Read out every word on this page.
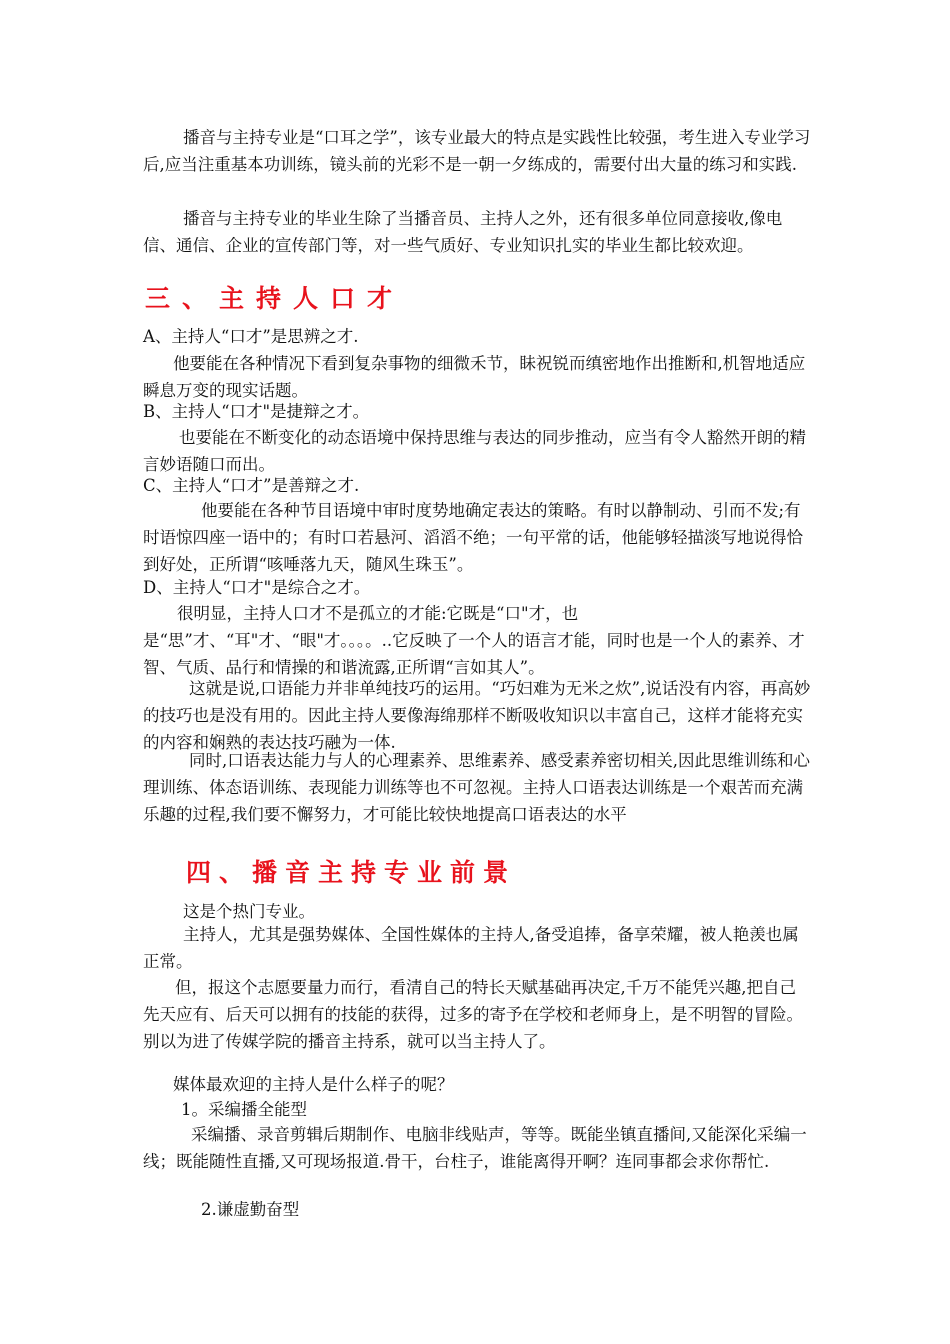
播音与主持专业是“口耳之学”，该专业最大的特点是实践性比较强，考生进入专业学习后,应当注重基本功训练，镜头前的光彩不是一朝一夕练成的，需要付出大量的练习和实践.

播音与主持专业的毕业生除了当播音员、主持人之外，还有很多单位同意接收,像电信、通信、企业的宣传部门等，对一些气质好、专业知识扎实的毕业生都比较欢迎。

三、主持人口才

A、主持人“口才”是思辨之才.

他要能在各种情况下看到复杂事物的细微禾节，眛祝锐而缜密地作出推断和,机智地适应瞬息万变的现实话题。

B、主持人“口才"是捷辩之才。

也要能在不断变化的动态语境中保持思维与表达的同步推动，应当有令人豁然开朗的精言妙语随口而出。

C、主持人“口才”是善辩之才.

他要能在各种节目语境中审时度势地确定表达的策略。有时以静制动、引而不发;有时语惊四座一语中的；有时口若悬河、滔滔不绝；一句平常的话，他能够轻描淡写地说得恰到好处，正所谓“咳唾落九天，随风生珠玉”。

D、主持人“口才"是综合之才。

很明显，主持人口才不是孤立的才能:它既是“口"才，也是“思”才、“耳"才、“眼"才。。。。..它反映了一个人的语言才能，同时也是一个人的素养、才智、气质、品行和情操的和谐流露,正所谓“言如其人”。

这就是说,口语能力并非单纯技巧的运用。“巧妇难为无米之炊”,说话没有内容，再高妙的技巧也是没有用的。因此主持人要像海绵那样不断吸收知识以丰富自己，这样才能将充实的内容和娴熟的表达技巧融为一体.

同时,口语表达能力与人的心理素养、思维素养、感受素养密切相关,因此思维训练和心理训练、体态语训练、表现能力训练等也不可忽视。主持人口语表达训练是一个艰苦而充满乐趣的过程,我们要不懈努力，才可能比较快地提高口语表达的水平

四、播音主持专业前景

这是个热门专业。

主持人，尤其是强势媒体、全国性媒体的主持人,备受追捧，备享荣耀，被人艳羡也属正常。

但，报这个志愿要量力而行，看清自己的特长天赋基础再决定,千万不能凭兴趣,把自己先天应有、后天可以拥有的技能的获得，过多的寄予在学校和老师身上，是不明智的冒险。别以为进了传媒学院的播音主持系，就可以当主持人了。

媒体最欢迎的主持人是什么样子的呢？

1。采编播全能型

采编播、录音剪辑后期制作、电脑非线贴声，等等。既能坐镇直播间,又能深化采编一线；既能随性直播,又可现场报道.骨干，台柱子，谁能离得开啊？连同事都会求你帮忙.

2.谦虚勤奋型
